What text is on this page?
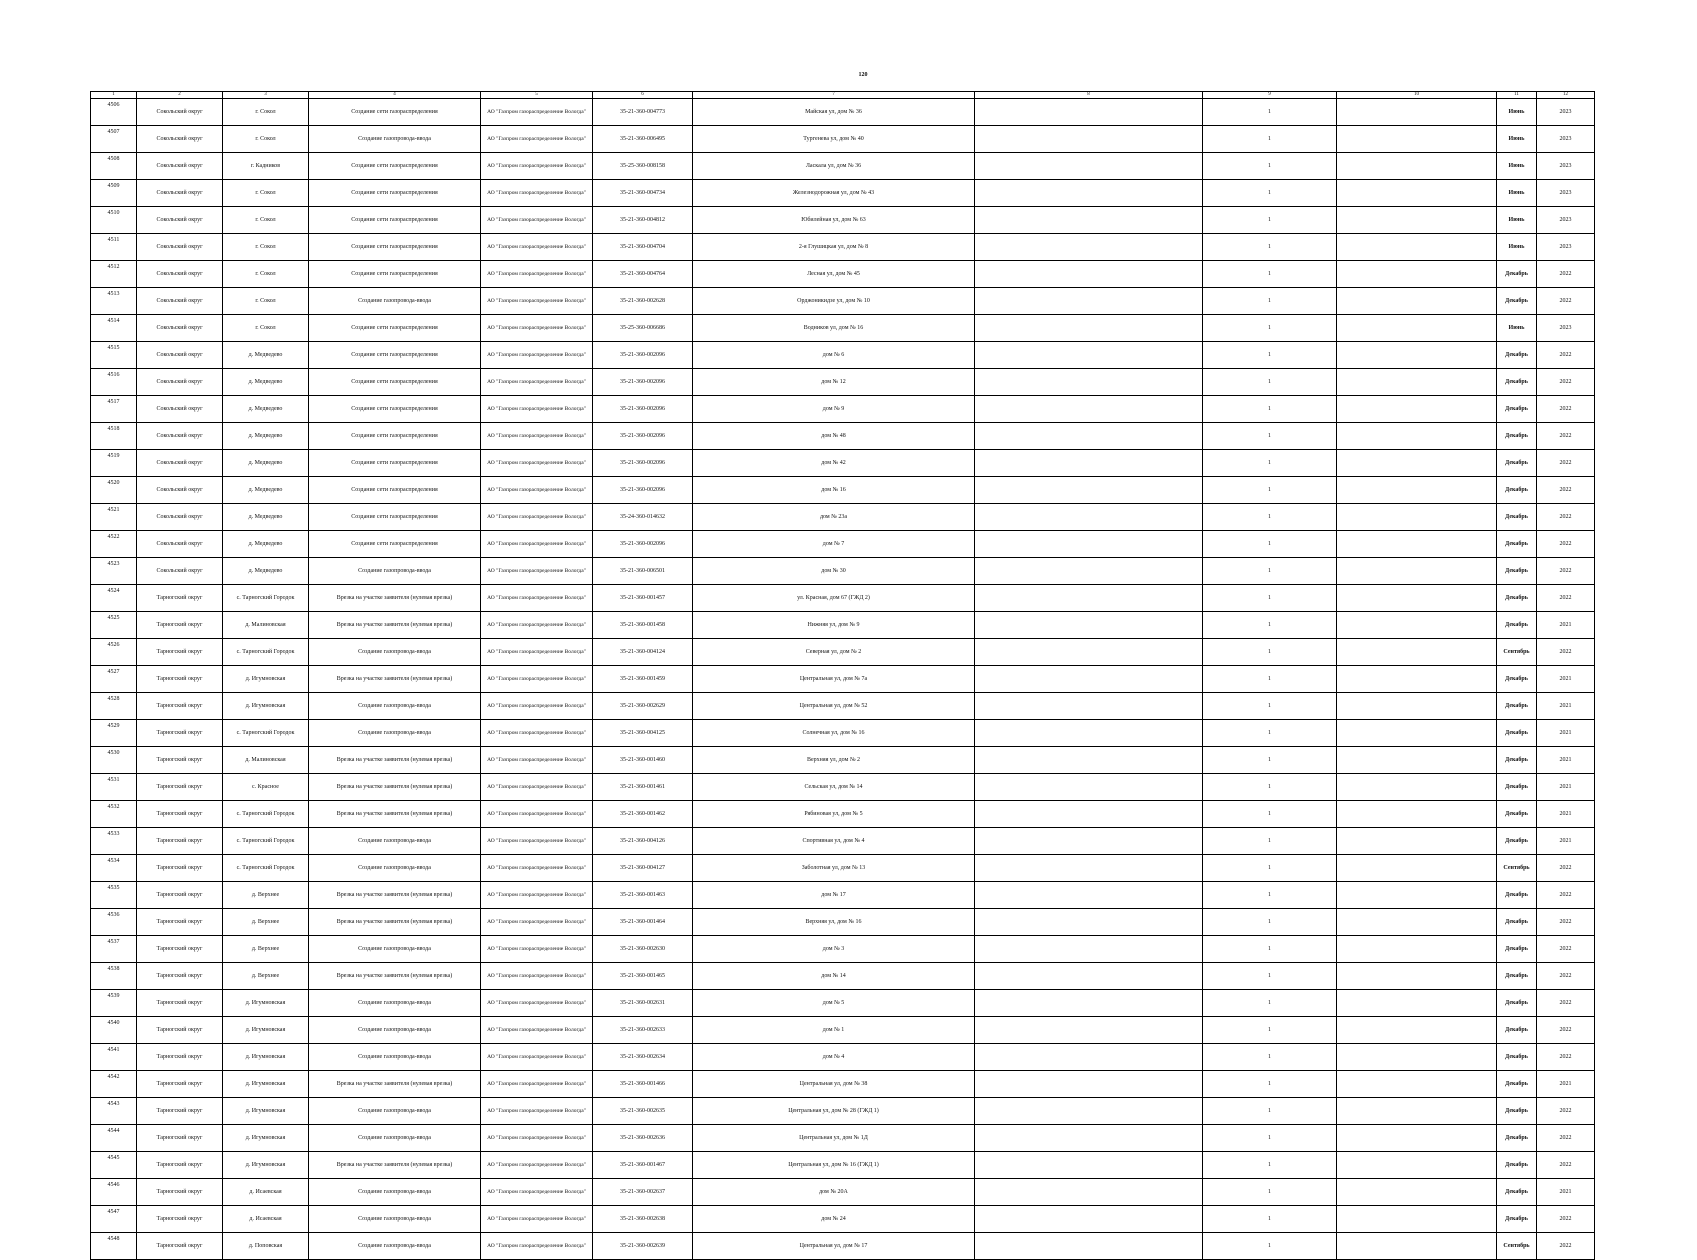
120
1	2	3	4	5	6	7	8	9	10	11	12
4506	Сокольский округ	г. Сокол	Создание сети газораспределения	АО "Газпром газораспределение Вологда"	35-21-360-004773	Майская ул, дом № 36		1		Июнь	2023
4507	Сокольский округ	г. Сокол	Создание газопровода-ввода	АО "Газпром газораспределение Вологда"	35-21-360-006495	Тургенева ул, дом № 40		1		Июнь	2023
4508	Сокольский округ	г. Кадников	Создание сети газораспределения	АО "Газпром газораспределение Вологда"	35-25-360-008158	Ласкала ул, дом № 36		1		Июнь	2023
4509	Сокольский округ	г. Сокол	Создание сети газораспределения	АО "Газпром газораспределение Вологда"	35-21-360-004734	Железнодорожная ул, дом № 43		1		Июнь	2023
4510	Сокольский округ	г. Сокол	Создание сети газораспределения	АО "Газпром газораспределение Вологда"	35-21-360-004812	Юбилейная ул, дом № 63		1		Июнь	2023
4511	Сокольский округ	г. Сокол	Создание сети газораспределения	АО "Газпром газораспределение Вологда"	35-21-360-004704	2-я Глушицкая ул, дом № 8		1		Июнь	2023
4512	Сокольский округ	г. Сокол	Создание сети газораспределения	АО "Газпром газораспределение Вологда"	35-21-360-004764	Лесная ул, дом № 45		1		Декабрь	2022
4513	Сокольский округ	г. Сокол	Создание газопровода-ввода	АО "Газпром газораспределение Вологда"	35-21-360-002628	Орджоникидзе ул, дом № 10		1		Декабрь	2022
4514	Сокольский округ	г. Сокол	Создание сети газораспределения	АО "Газпром газораспределение Вологда"	35-25-360-006686	Водников ул, дом № 16		1		Июнь	2023
4515	Сокольский округ	д. Медведево	Создание сети газораспределения	АО "Газпром газораспределение Вологда"	35-21-360-002096	дом № 6		1		Декабрь	2022
4516	Сокольский округ	д. Медведево	Создание сети газораспределения	АО "Газпром газораспределение Вологда"	35-21-360-002096	дом № 12		1		Декабрь	2022
4517	Сокольский округ	д. Медведево	Создание сети газораспределения	АО "Газпром газораспределение Вологда"	35-21-360-002096	дом № 9		1		Декабрь	2022
4518	Сокольский округ	д. Медведево	Создание сети газораспределения	АО "Газпром газораспределение Вологда"	35-21-360-002096	дом № 48		1		Декабрь	2022
4519	Сокольский округ	д. Медведево	Создание сети газораспределения	АО "Газпром газораспределение Вологда"	35-21-360-002096	дом № 42		1		Декабрь	2022
4520	Сокольский округ	д. Медведево	Создание сети газораспределения	АО "Газпром газораспределение Вологда"	35-21-360-002096	дом № 16		1		Декабрь	2022
4521	Сокольский округ	д. Медведево	Создание сети газораспределения	АО "Газпром газораспределение Вологда"	35-24-360-014632	дом № 23а		1		Декабрь	2022
4522	Сокольский округ	д. Медведево	Создание сети газораспределения	АО "Газпром газораспределение Вологда"	35-21-360-002096	дом № 7		1		Декабрь	2022
4523	Сокольский округ	д. Медведево	Создание газопровода-ввода	АО "Газпром газораспределение Вологда"	35-21-360-006501	дом № 30		1		Декабрь	2022
4524	Тарногский округ	с. Тарногский Городок	Врезка на участке заявителя (нулевая врезка)	АО "Газпром газораспределение Вологда"	35-21-360-001457	ул. Красная, дом 67 (ГЖД 2)		1		Декабрь	2022
4525	Тарногский округ	д. Малиновская	Врезка на участке заявителя (нулевая врезка)	АО "Газпром газораспределение Вологда"	35-21-360-001458	Нижняя ул, дом № 9		1		Декабрь	2021
4526	Тарногский округ	с. Тарногский Городок	Создание газопровода-ввода	АО "Газпром газораспределение Вологда"	35-21-360-004124	Северная ул, дом № 2		1		Сентябрь	2022
4527	Тарногский округ	д. Игумновская	Врезка на участке заявителя (нулевая врезка)	АО "Газпром газораспределение Вологда"	35-21-360-001459	Центральная ул, дом № 7а		1		Декабрь	2021
4528	Тарногский округ	д. Игумновская	Создание газопровода-ввода	АО "Газпром газораспределение Вологда"	35-21-360-002629	Центральная ул, дом № 52		1		Декабрь	2021
4529	Тарногский округ	с. Тарногский Городок	Создание газопровода-ввода	АО "Газпром газораспределение Вологда"	35-21-360-004125	Солнечная ул, дом № 16		1		Декабрь	2021
4530	Тарногский округ	д. Малиновская	Врезка на участке заявителя (нулевая врезка)	АО "Газпром газораспределение Вологда"	35-21-360-001460	Верхняя ул, дом № 2		1		Декабрь	2021
4531	Тарногский округ	с. Красное	Врезка на участке заявителя (нулевая врезка)	АО "Газпром газораспределение Вологда"	35-21-360-001461	Сельская ул, дом № 14		1		Декабрь	2021
4532	Тарногский округ	с. Тарногский Городок	Врезка на участке заявителя (нулевая врезка)	АО "Газпром газораспределение Вологда"	35-21-360-001462	Рябиновая ул, дом № 5		1		Декабрь	2021
4533	Тарногский округ	с. Тарногский Городок	Создание газопровода-ввода	АО "Газпром газораспределение Вологда"	35-21-360-004126	Спортивная ул, дом № 4		1		Декабрь	2021
4534	Тарногский округ	с. Тарногский Городок	Создание газопровода-ввода	АО "Газпром газораспределение Вологда"	35-21-360-004127	Заболотная ул, дом № 13		1		Сентябрь	2022
4535	Тарногский округ	д. Верхнее	Врезка на участке заявителя (нулевая врезка)	АО "Газпром газораспределение Вологда"	35-21-360-001463	дом № 17		1		Декабрь	2022
4536	Тарногский округ	д. Верхнее	Врезка на участке заявителя (нулевая врезка)	АО "Газпром газораспределение Вологда"	35-21-360-001464	Верхняя ул, дом № 16		1		Декабрь	2022
4537	Тарногский округ	д. Верхнее	Создание газопровода-ввода	АО "Газпром газораспределение Вологда"	35-21-360-002630	дом № 3		1		Декабрь	2022
4538	Тарногский округ	д. Верхнее	Врезка на участке заявителя (нулевая врезка)	АО "Газпром газораспределение Вологда"	35-21-360-001465	дом № 14		1		Декабрь	2022
4539	Тарногский округ	д. Игумновская	Создание газопровода-ввода	АО "Газпром газораспределение Вологда"	35-21-360-002631	дом № 5		1		Декабрь	2022
4540	Тарногский округ	д. Игумновская	Создание газопровода-ввода	АО "Газпром газораспределение Вологда"	35-21-360-002633	дом № 1		1		Декабрь	2022
4541	Тарногский округ	д. Игумновская	Создание газопровода-ввода	АО "Газпром газораспределение Вологда"	35-21-360-002634	дом № 4		1		Декабрь	2022
4542	Тарногский округ	д. Игумновская	Врезка на участке заявителя (нулевая врезка)	АО "Газпром газораспределение Вологда"	35-21-360-001466	Центральная ул, дом № 38		1		Декабрь	2021
4543	Тарногский округ	д. Игумновская	Создание газопровода-ввода	АО "Газпром газораспределение Вологда"	35-21-360-002635	Центральная ул, дом № 28 (ГЖД 1)		1		Декабрь	2022
4544	Тарногский округ	д. Игумновская	Создание газопровода-ввода	АО "Газпром газораспределение Вологда"	35-21-360-002636	Центральная ул, дом № 1Д		1		Декабрь	2022
4545	Тарногский округ	д. Игумновская	Врезка на участке заявителя (нулевая врезка)	АО "Газпром газораспределение Вологда"	35-21-360-001467	Центральная ул, дом № 16 (ГЖД 1)		1		Декабрь	2022
4546	Тарногский округ	д. Исаевская	Создание газопровода-ввода	АО "Газпром газораспределение Вологда"	35-21-360-002637	дом № 20А		1		Декабрь	2021
4547	Тарногский округ	д. Исаевская	Создание газопровода-ввода	АО "Газпром газораспределение Вологда"	35-21-360-002638	дом № 24		1		Декабрь	2022
4548	Тарногский округ	д. Поповская	Создание газопровода-ввода	АО "Газпром газораспределение Вологда"	35-21-360-002639	Центральная ул, дом № 17		1		Сентябрь	2022
